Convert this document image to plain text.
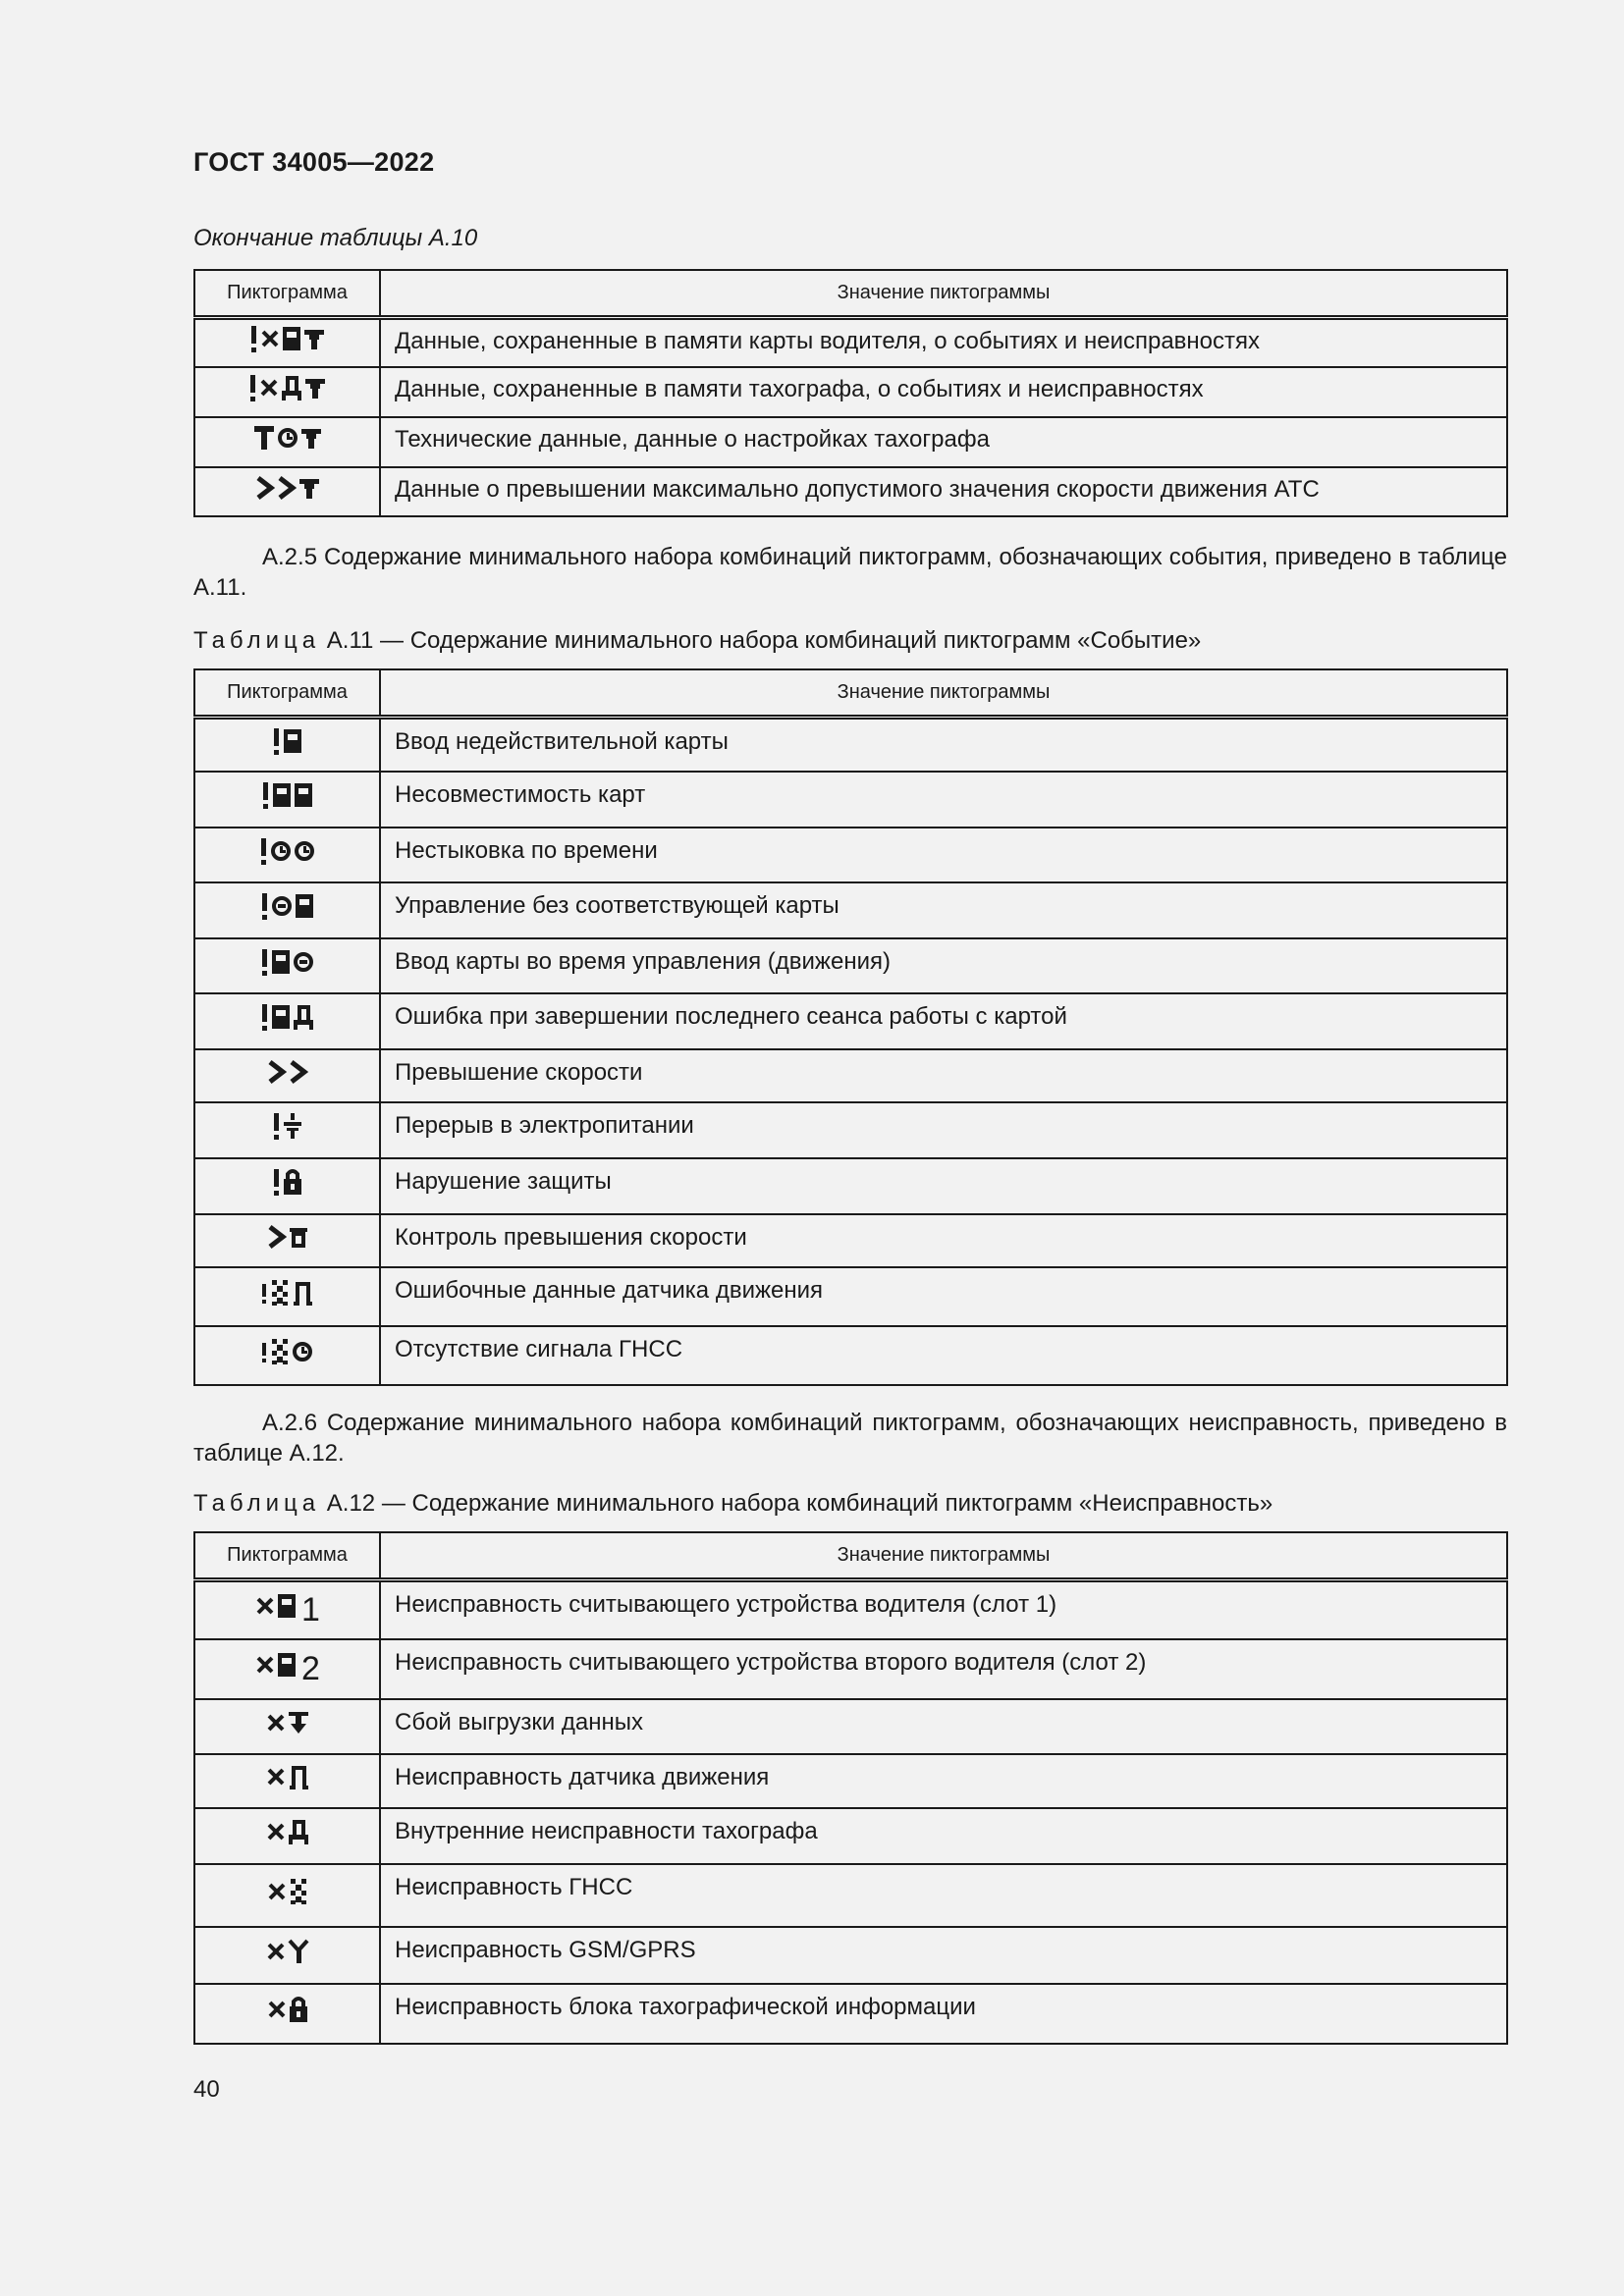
ГОСТ 34005—2022
Окончание таблицы А.10
Пиктограмма	Значение пиктограммы
	Данные, сохраненные в памяти карты водителя, о событиях и неисправностях
	Данные, сохраненные в памяти тахографа, о событиях и неисправностях
	Технические данные, данные о настройках тахографа
	Данные о превышении максимально допустимого значения скорости движения АТС
А.2.5 Содержание минимального набора комбинаций пиктограмм, обозначающих события, приведено в таблице А.11.
Таблица А.11 — Содержание минимального набора комбинаций пиктограмм «Событие»
Пиктограмма	Значение пиктограммы
	Ввод недействительной карты
	Несовместимость карт
	Нестыковка по времени
	Управление без соответствующей карты
	Ввод карты во время управления (движения)
	Ошибка при завершении последнего сеанса работы с картой
	Превышение скорости
	Перерыв в электропитании
	Нарушение защиты
	Контроль превышения скорости
	Ошибочные данные датчика движения
	Отсутствие сигнала ГНСС
А.2.6 Содержание минимального набора комбинаций пиктограмм, обозначающих неисправность, приведено в таблице А.12.
Таблица А.12 — Содержание минимального набора комбинаций пиктограмм «Неисправность»
Пиктограмма	Значение пиктограммы
1	Неисправность считывающего устройства водителя (слот 1)
2	Неисправность считывающего устройства второго водителя (слот 2)
	Сбой выгрузки данных
	Неисправность датчика движения
	Внутренние неисправности тахографа
	Неисправность ГНСС
	Неисправность GSM/GPRS
	Неисправность блока тахографической информации
40
